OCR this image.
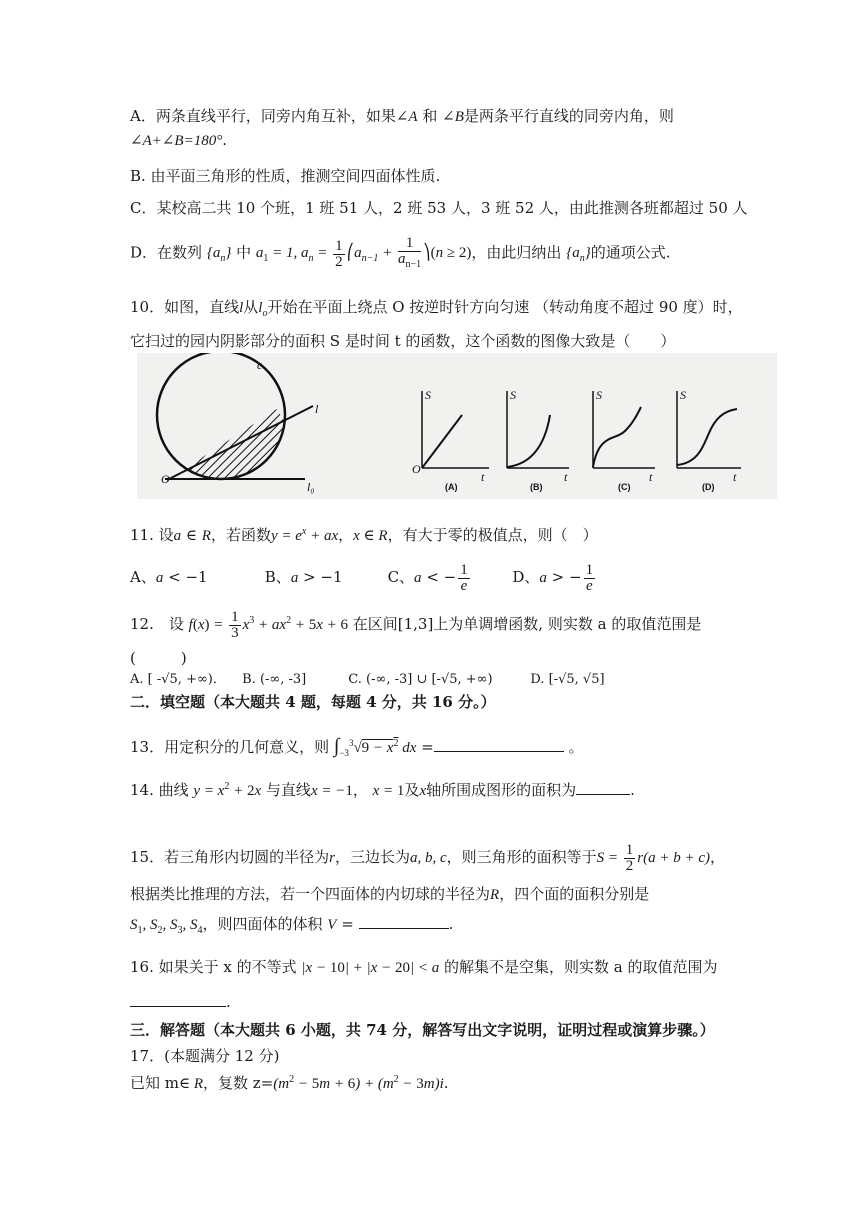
A．两条直线平行，同旁内角互补，如果∠A 和 ∠B是两条平行直线的同旁内角，则
∠A+∠B=180°.
B. 由平面三角形的性质，推测空间四面体性质.
C．某校高二共 10 个班，1 班 51 人，2 班 53 人，3 班 52 人，由此推测各班都超过 50 人
D．在数列 $\{a_n\}$ 中 $a_1 = 1$, $a_n = \frac{1}{2}$ $⎛a_{n-1} + \frac{1}{a_{n-1}}$ ⎞(n ≥ 2)，由此归纳出 $\{a_n\}$的通项公式.
10．如图，直线l从$l_o$开始在平面上绕点 O 按逆时针方向匀速 （转动角度不超过 90 度）时，
它扫过的园内阴影部分的面积 S 是时间 t 的函数，这个函数的图像大致是（　　）
c
l
O
l₀
S
O
t
(A)
S
t
(B)
S
t
(C)
S
t
(D)
11. 设a ∈ R，若函数$y = e^x$ + ax，x ∈ R，有大于零的极值点，则（　）
A、a < −1	B、a > −1	C、a < − $\frac{1}{e}$	D、a > − $\frac{1}{e}$
12.　设 $f(x) = \frac{1}{3} x^3 + ax^2 + 5x + 6$ 在区间[1,3]上为单调增函数, 则实数 a 的取值范围是
(　　　)
A. [ -√5, +∞)． B. (-∞, -3]	C. (-∞, -3] ∪ [-√5, +∞)	D. [-√5, √5]
二．填空题（本大题共 4 题，每题 4 分，共 16 分。）
13．用定积分的几何意义，则 $\int_{-3}^3√9 - x^2$ dx =	。
14. 曲线 $y = x^2 + 2x$ 与直线x = −1， x = 1及x轴所围成图形的面积为	.
15．若三角形内切圆的半径为r，三边长为a, b, c，则三角形的面积等于$S = \frac{1}{2} r(a + b + c)$，
根据类比推理的方法，若一个四面体的内切球的半径为R，四个面的面积分别是
$S_1$, $S_2$, $S_3$, $S_4$，则四面体的体积 V =	.
16. 如果关于 x 的不等式 |x − 10| + |x − 20| < a 的解集不是空集，则实数 a 的取值范围为
.
三．解答题（本大题共 6 小题，共 74 分，解答写出文字说明，证明过程或演算步骤。）
17．(本题满分 12 分)
已知 m∈ R，复数 $z=(m^2 - 5m + 6) + (m^2 - 3m)i$.
